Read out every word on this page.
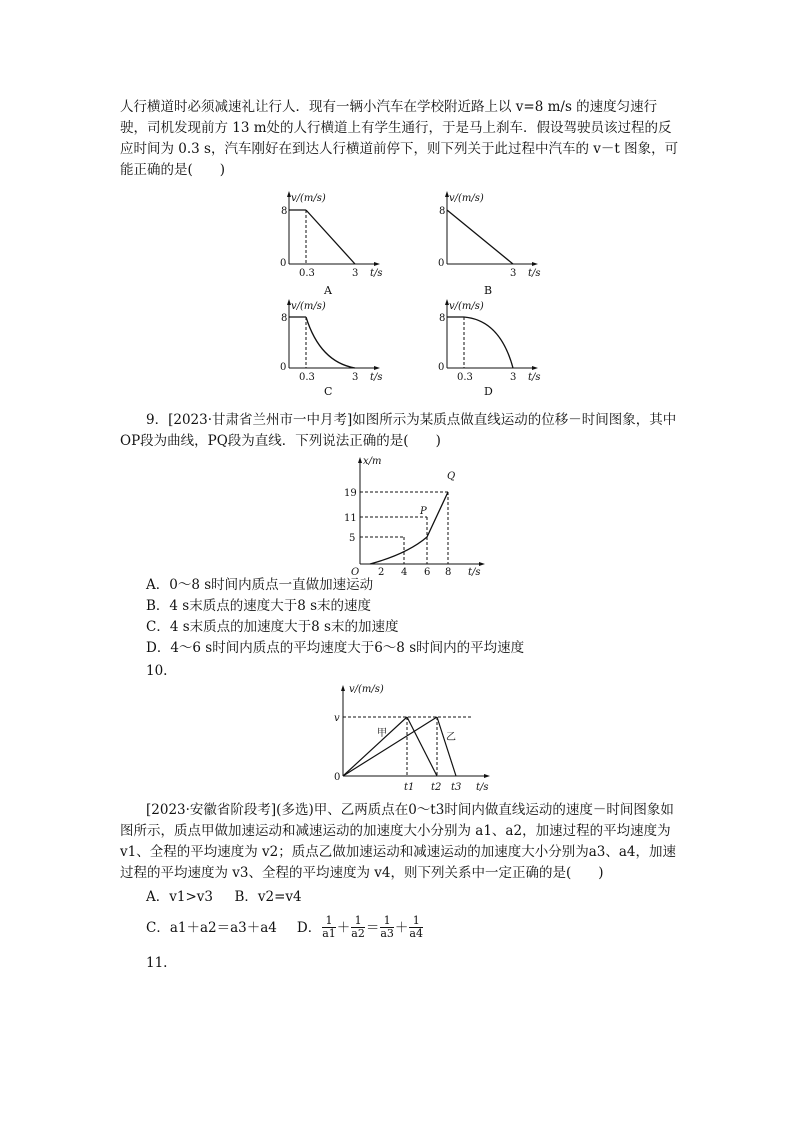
人行横道时必须减速礼让行人．现有一辆小汽车在学校附近路上以 v=8 m/s 的速度匀速行驶，司机发现前方 13 m处的人行横道上有学生通行，于是马上刹车．假设驾驶员该过程的反应时间为 0.3 s，汽车刚好在到达人行横道前停下，则下列关于此过程中汽车的 v－t 图象，可能正确的是(　　)

v/(m/s)
8
0
0.3	3 t/s
A
v/(m/s)
8
0
3 t/s
B
v/(m/s)
8
0
0.3	3 t/s
C
v/(m/s)
8
0
0.3	3 t/s
D

9．[2023·甘肃省兰州市一中月考]如图所示为某质点做直线运动的位移－时间图象，其中 OP段为曲线，PQ段为直线．下列说法正确的是(　　)

x/m
19
11
5
O 2 4 6 8 t/s
P
Q

A．0～8 s时间内质点一直做加速运动

B．4 s末质点的速度大于8 s末的速度

C．4 s末质点的加速度大于8 s末的加速度

D．4～6 s时间内质点的平均速度大于6～8 s时间内的平均速度

10.

v/(m/s)
v
0
甲	乙
t1 t2 t3 t/s

[2023·安徽省阶段考](多选)甲、乙两质点在0～t3时间内做直线运动的速度－时间图象如图所示，质点甲做加速运动和减速运动的加速度大小分别为 a1、a2，加速过程的平均速度为 v1、全程的平均速度为 v2；质点乙做加速运动和减速运动的加速度大小分别为a3、a4，加速过程的平均速度为 v3、全程的平均速度为 v4，则下列关系中一定正确的是(　　)

A．v1>v3 B．v2=v4

C．a1＋a2＝a3＋a4 D． $\frac{1}{a1} + \frac{1}{a2} = \frac{1}{a3} + \frac{1}{a4}$

11.
